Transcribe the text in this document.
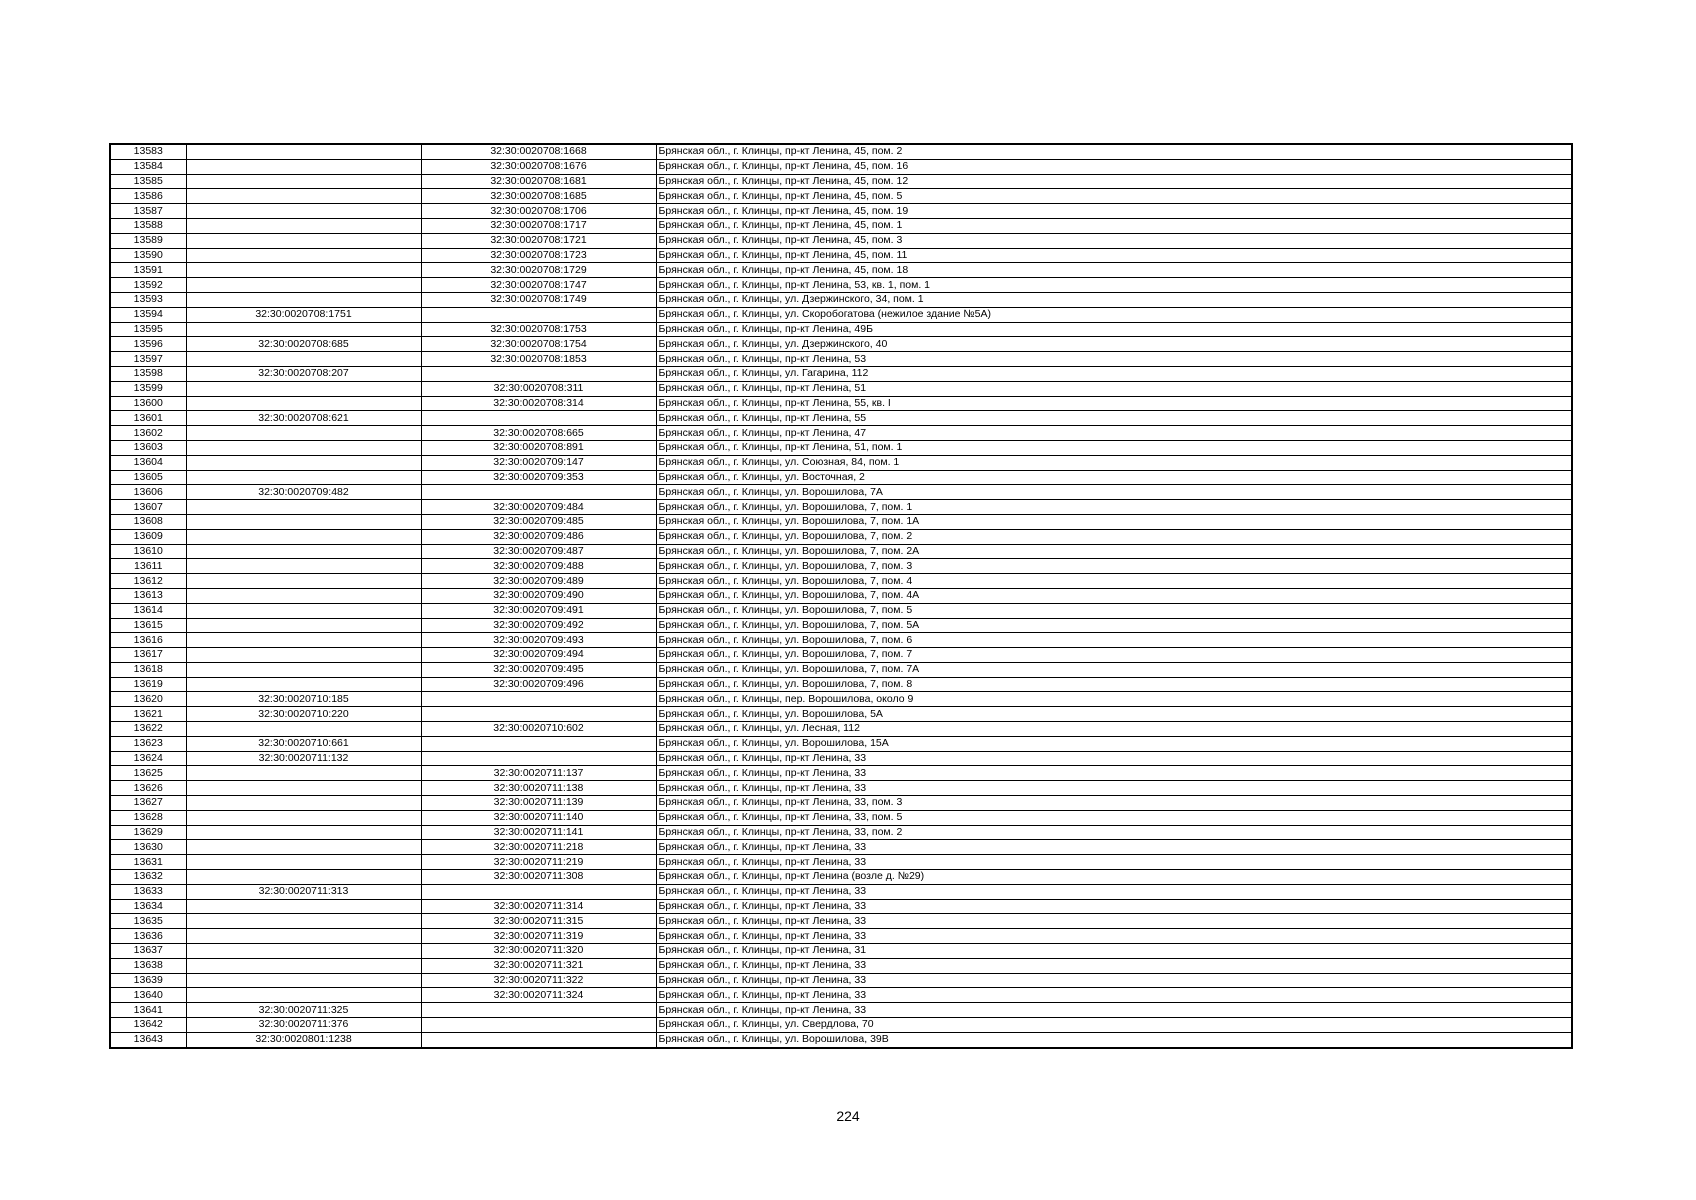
13583		32:30:0020708:1668	Брянская обл., г. Клинцы, пр-кт Ленина, 45, пом. 2
13584		32:30:0020708:1676	Брянская обл., г. Клинцы, пр-кт Ленина, 45, пом. 16
13585		32:30:0020708:1681	Брянская обл., г. Клинцы, пр-кт Ленина, 45, пом. 12
13586		32:30:0020708:1685	Брянская обл., г. Клинцы, пр-кт Ленина, 45, пом. 5
13587		32:30:0020708:1706	Брянская обл., г. Клинцы, пр-кт Ленина, 45, пом. 19
13588		32:30:0020708:1717	Брянская обл., г. Клинцы, пр-кт Ленина, 45, пом. 1
13589		32:30:0020708:1721	Брянская обл., г. Клинцы, пр-кт Ленина, 45, пом. 3
13590		32:30:0020708:1723	Брянская обл., г. Клинцы, пр-кт Ленина, 45, пом. 11
13591		32:30:0020708:1729	Брянская обл., г. Клинцы, пр-кт Ленина, 45, пом. 18
13592		32:30:0020708:1747	Брянская обл., г. Клинцы, пр-кт Ленина, 53, кв. 1, пом. 1
13593		32:30:0020708:1749	Брянская обл., г. Клинцы, ул. Дзержинского, 34, пом. 1
13594	32:30:0020708:1751		Брянская обл., г. Клинцы, ул. Скоробогатова (нежилое здание №5А)
13595		32:30:0020708:1753	Брянская обл., г. Клинцы, пр-кт Ленина, 49Б
13596	32:30:0020708:685	32:30:0020708:1754	Брянская обл., г. Клинцы, ул. Дзержинского, 40
13597		32:30:0020708:1853	Брянская обл., г. Клинцы, пр-кт Ленина, 53
13598	32:30:0020708:207		Брянская обл., г. Клинцы, ул. Гагарина, 112
13599		32:30:0020708:311	Брянская обл., г. Клинцы, пр-кт Ленина, 51
13600		32:30:0020708:314	Брянская обл., г. Клинцы, пр-кт Ленина, 55, кв. I
13601	32:30:0020708:621		Брянская обл., г. Клинцы, пр-кт Ленина, 55
13602		32:30:0020708:665	Брянская обл., г. Клинцы, пр-кт Ленина, 47
13603		32:30:0020708:891	Брянская обл., г. Клинцы, пр-кт Ленина, 51, пом. 1
13604		32:30:0020709:147	Брянская обл., г. Клинцы, ул. Союзная, 84, пом. 1
13605		32:30:0020709:353	Брянская обл., г. Клинцы, ул. Восточная, 2
13606	32:30:0020709:482		Брянская обл., г. Клинцы, ул. Ворошилова, 7А
13607		32:30:0020709:484	Брянская обл., г. Клинцы, ул. Ворошилова, 7, пом. 1
13608		32:30:0020709:485	Брянская обл., г. Клинцы, ул. Ворошилова, 7, пом. 1А
13609		32:30:0020709:486	Брянская обл., г. Клинцы, ул. Ворошилова, 7, пом. 2
13610		32:30:0020709:487	Брянская обл., г. Клинцы, ул. Ворошилова, 7, пом. 2А
13611		32:30:0020709:488	Брянская обл., г. Клинцы, ул. Ворошилова, 7, пом. 3
13612		32:30:0020709:489	Брянская обл., г. Клинцы, ул. Ворошилова, 7, пом. 4
13613		32:30:0020709:490	Брянская обл., г. Клинцы, ул. Ворошилова, 7, пом. 4А
13614		32:30:0020709:491	Брянская обл., г. Клинцы, ул. Ворошилова, 7, пом. 5
13615		32:30:0020709:492	Брянская обл., г. Клинцы, ул. Ворошилова, 7, пом. 5А
13616		32:30:0020709:493	Брянская обл., г. Клинцы, ул. Ворошилова, 7, пом. 6
13617		32:30:0020709:494	Брянская обл., г. Клинцы, ул. Ворошилова, 7, пом. 7
13618		32:30:0020709:495	Брянская обл., г. Клинцы, ул. Ворошилова, 7, пом. 7А
13619		32:30:0020709:496	Брянская обл., г. Клинцы, ул. Ворошилова, 7, пом. 8
13620	32:30:0020710:185		Брянская обл., г. Клинцы, пер. Ворошилова, около 9
13621	32:30:0020710:220		Брянская обл., г. Клинцы, ул. Ворошилова, 5А
13622		32:30:0020710:602	Брянская обл., г. Клинцы, ул. Лесная, 112
13623	32:30:0020710:661		Брянская обл., г. Клинцы, ул. Ворошилова, 15А
13624	32:30:0020711:132		Брянская обл., г. Клинцы, пр-кт Ленина, 33
13625		32:30:0020711:137	Брянская обл., г. Клинцы, пр-кт Ленина, 33
13626		32:30:0020711:138	Брянская обл., г. Клинцы, пр-кт Ленина, 33
13627		32:30:0020711:139	Брянская обл., г. Клинцы, пр-кт Ленина, 33, пом. 3
13628		32:30:0020711:140	Брянская обл., г. Клинцы, пр-кт Ленина, 33, пом. 5
13629		32:30:0020711:141	Брянская обл., г. Клинцы, пр-кт Ленина, 33, пом. 2
13630		32:30:0020711:218	Брянская обл., г. Клинцы, пр-кт Ленина, 33
13631		32:30:0020711:219	Брянская обл., г. Клинцы, пр-кт Ленина, 33
13632		32:30:0020711:308	Брянская обл., г. Клинцы, пр-кт Ленина (возле д. №29)
13633	32:30:0020711:313		Брянская обл., г. Клинцы, пр-кт Ленина, 33
13634		32:30:0020711:314	Брянская обл., г. Клинцы, пр-кт Ленина, 33
13635		32:30:0020711:315	Брянская обл., г. Клинцы, пр-кт Ленина, 33
13636		32:30:0020711:319	Брянская обл., г. Клинцы, пр-кт Ленина, 33
13637		32:30:0020711:320	Брянская обл., г. Клинцы, пр-кт Ленина, 31
13638		32:30:0020711:321	Брянская обл., г. Клинцы, пр-кт Ленина, 33
13639		32:30:0020711:322	Брянская обл., г. Клинцы, пр-кт Ленина, 33
13640		32:30:0020711:324	Брянская обл., г. Клинцы, пр-кт Ленина, 33
13641	32:30:0020711:325		Брянская обл., г. Клинцы, пр-кт Ленина, 33
13642	32:30:0020711:376		Брянская обл., г. Клинцы, ул. Свердлова, 70
13643	32:30:0020801:1238		Брянская обл., г. Клинцы, ул. Ворошилова, 39В
224
